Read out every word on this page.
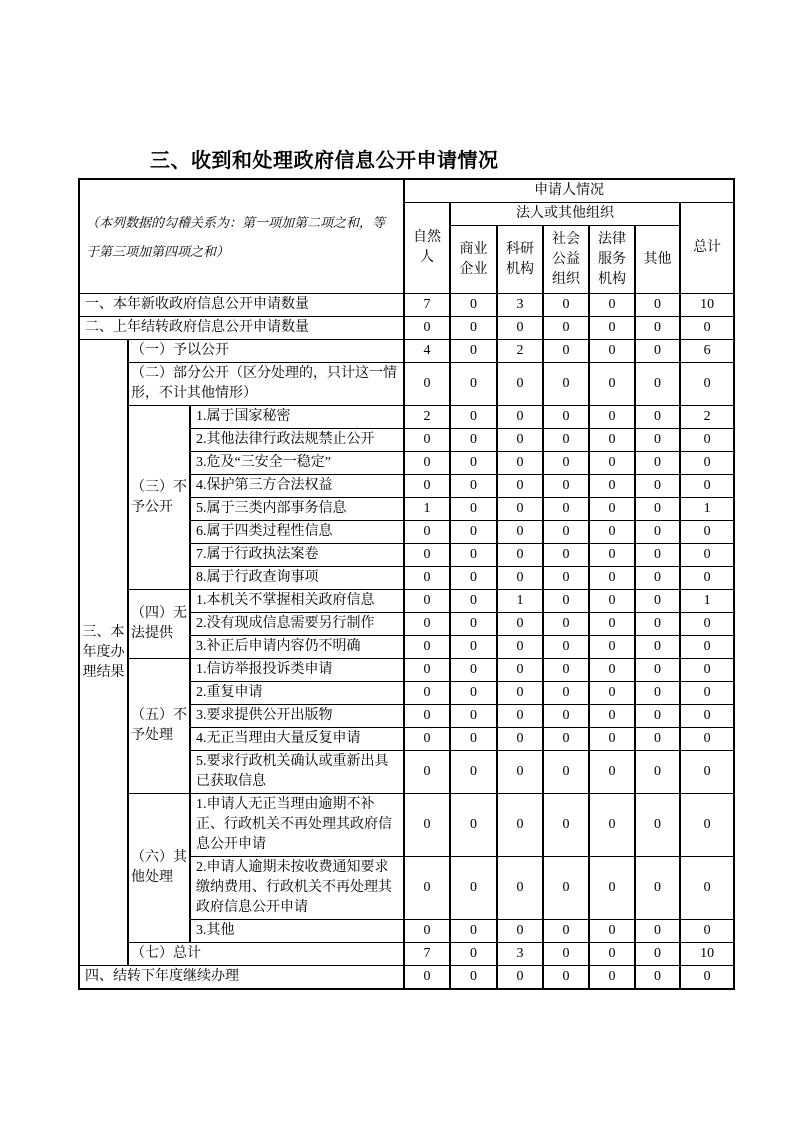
三、收到和处理政府信息公开申请情况
（本列数据的勾稽关系为：第一项加第二项之和，等于第三项加第四项之和）			申请人情况						
			自然人	法人或其他组织					总计
				商业企业	科研机构	社会公益组织	法律服务机构	其他	
一、本年新收政府信息公开申请数量			7	0	3	0	0	0	10
二、上年结转政府信息公开申请数量			0	0	0	0	0	0	0
三、本年度办理结果	（一）予以公开		4	0	2	0	0	0	6
	（二）部分公开（区分处理的，只计这一情形，不计其他情形）		0	0	0	0	0	0	0
	（三）不予公开	1.属于国家秘密	2	0	0	0	0	0	2
		2.其他法律行政法规禁止公开	0	0	0	0	0	0	0
		3.危及“三安全一稳定”	0	0	0	0	0	0	0
		4.保护第三方合法权益	0	0	0	0	0	0	0
		5.属于三类内部事务信息	1	0	0	0	0	0	1
		6.属于四类过程性信息	0	0	0	0	0	0	0
		7.属于行政执法案卷	0	0	0	0	0	0	0
		8.属于行政查询事项	0	0	0	0	0	0	0
	（四）无法提供	1.本机关不掌握相关政府信息	0	0	1	0	0	0	1
		2.没有现成信息需要另行制作	0	0	0	0	0	0	0
		3.补正后申请内容仍不明确	0	0	0	0	0	0	0
	（五）不予处理	1.信访举报投诉类申请	0	0	0	0	0	0	0
		2.重复申请	0	0	0	0	0	0	0
		3.要求提供公开出版物	0	0	0	0	0	0	0
		4.无正当理由大量反复申请	0	0	0	0	0	0	0
		5.要求行政机关确认或重新出具已获取信息	0	0	0	0	0	0	0
	（六）其他处理	1.申请人无正当理由逾期不补正、行政机关不再处理其政府信息公开申请	0	0	0	0	0	0	0
		2.申请人逾期未按收费通知要求缴纳费用、行政机关不再处理其政府信息公开申请	0	0	0	0	0	0	0
		3.其他	0	0	0	0	0	0	0
	（七）总计		7	0	3	0	0	0	10
四、结转下年度继续办理			0	0	0	0	0	0	0
